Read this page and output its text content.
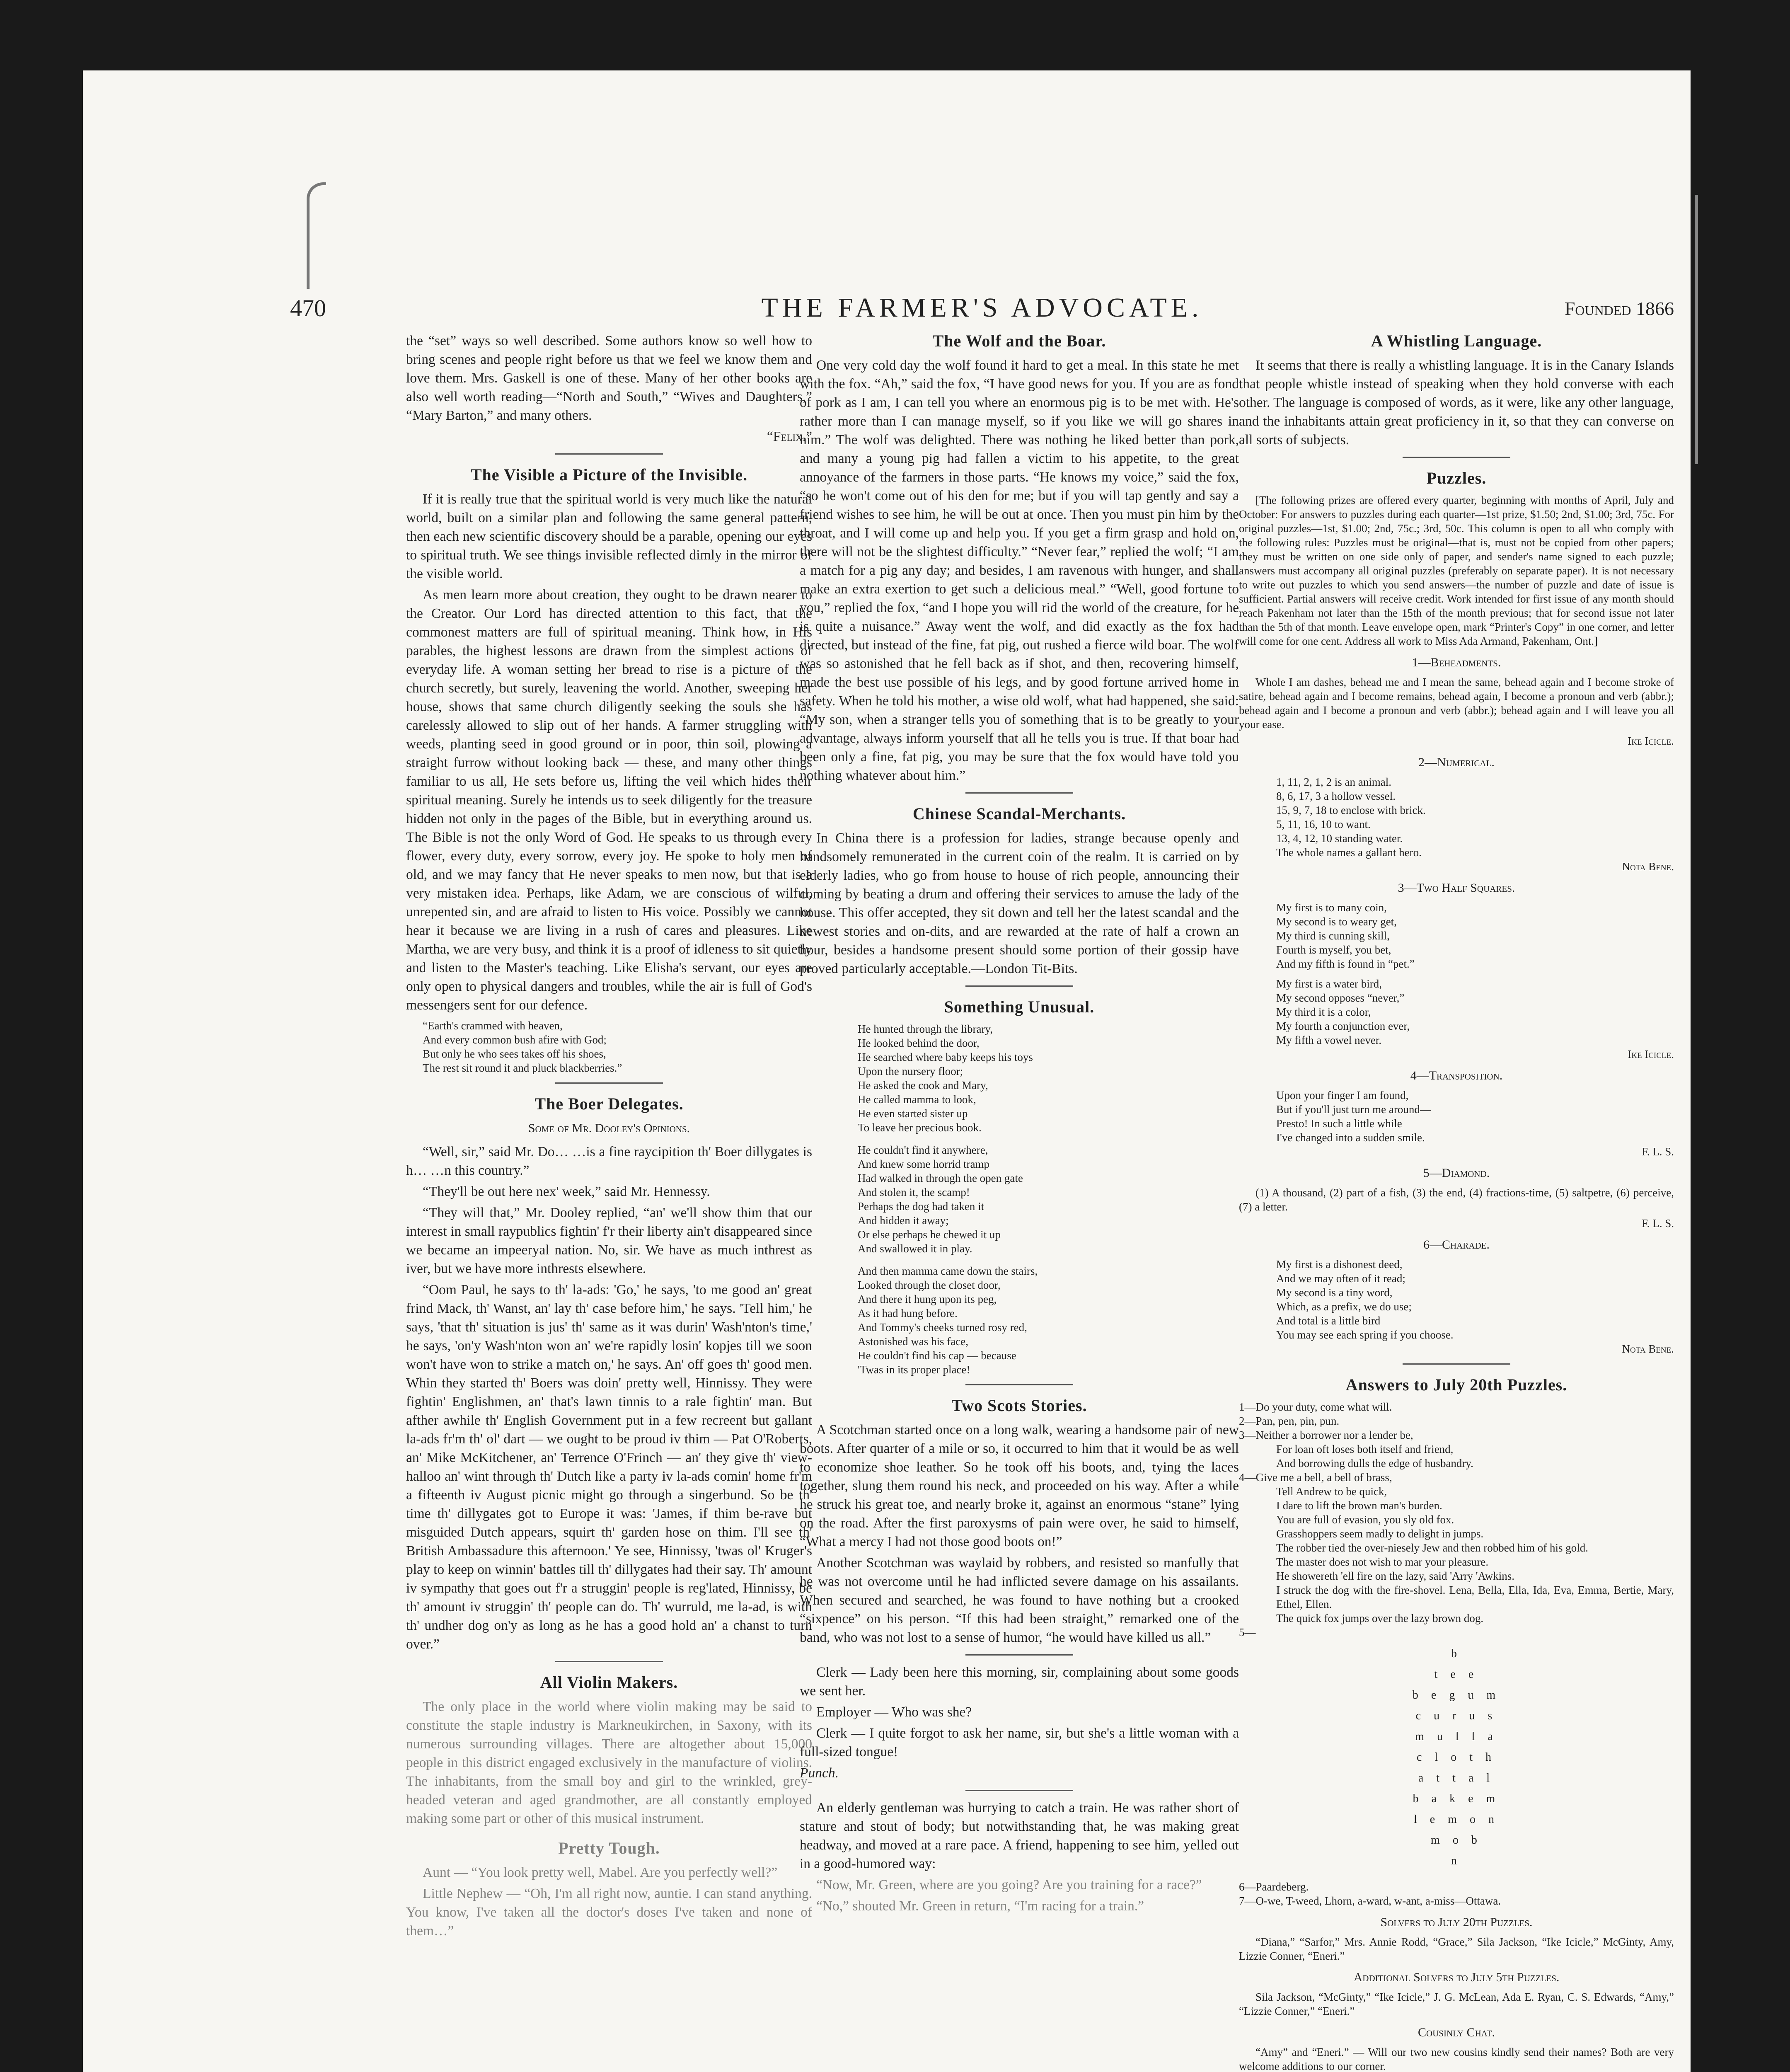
470	THE FARMER'S ADVOCATE.	Founded 1866

the “set” ways so well described. Some authors know so well how to bring scenes and people right before us that we feel we know them and love them. Mrs. Gaskell is one of these. Many of her other books are also well worth reading—“North and South,” “Wives and Daughters,” “Mary Barton,” and many others.

“Felix.”
The Visible a Picture of the Invisible.

If it is really true that the spiritual world is very much like the natural world, built on a similar plan and following the same general pattern, then each new scientific discovery should be a parable, opening our eyes to spiritual truth. We see things invisible reflected dimly in the mirror of the visible world.

As men learn more about creation, they ought to be drawn nearer to the Creator. Our Lord has directed attention to this fact, that the commonest matters are full of spiritual meaning. Think how, in His parables, the highest lessons are drawn from the simplest actions of everyday life. A woman setting her bread to rise is a picture of the church secretly, but surely, leavening the world. Another, sweeping her house, shows that same church diligently seeking the souls she has carelessly allowed to slip out of her hands. A farmer struggling with weeds, planting seed in good ground or in poor, thin soil, plowing a straight furrow without looking back — these, and many other things familiar to us all, He sets before us, lifting the veil which hides their spiritual meaning. Surely he intends us to seek diligently for the treasure hidden not only in the pages of the Bible, but in everything around us. The Bible is not the only Word of God. He speaks to us through every flower, every duty, every sorrow, every joy. He spoke to holy men of old, and we may fancy that He never speaks to men now, but that is a very mistaken idea. Perhaps, like Adam, we are conscious of wilful, unrepented sin, and are afraid to listen to His voice. Possibly we cannot hear it because we are living in a rush of cares and pleasures. Like Martha, we are very busy, and think it is a proof of idleness to sit quietly and listen to the Master's teaching. Like Elisha's servant, our eyes are only open to physical dangers and troubles, while the air is full of God's messengers sent for our defence.

“Earth's crammed with heaven,
And every common bush afire with God;
But only he who sees takes off his shoes,
The rest sit round it and pluck blackberries.”
The Boer Delegates.
Some of Mr. Dooley's Opinions.

“Well, sir,” said Mr. Do… …is a fine raycipition th' Boer dillygates is h… …n this country.”

“They'll be out here nex' week,” said Mr. Hennessy.

“They will that,” Mr. Dooley replied, “an' we'll show thim that our interest in small raypublics fightin' f'r their liberty ain't disappeared since we became an impeeryal nation. No, sir. We have as much inthrest as iver, but we have more inthrests elsewhere.

“Oom Paul, he says to th' la-ads: 'Go,' he says, 'to me good an' great frind Mack, th' Wanst, an' lay th' case before him,' he says. 'Tell him,' he says, 'that th' situation is jus' th' same as it was durin' Wash'nton's time,' he says, 'on'y Wash'nton won an' we're rapidly losin' kopjes till we soon won't have won to strike a match on,' he says. An' off goes th' good men. Whin they started th' Boers was doin' pretty well, Hinnissy. They were fightin' Englishmen, an' that's lawn tinnis to a rale fightin' man. But afther awhile th' English Government put in a few recreent but gallant la-ads fr'm th' ol' dart — we ought to be proud iv thim — Pat O'Roberts, an' Mike McKitchener, an' Terrence O'Frinch — an' they give th' view-halloo an' wint through th' Dutch like a party iv la-ads comin' home fr'm a fifteenth iv August picnic might go through a singerbund. So be th' time th' dillygates got to Europe it was: 'James, if thim be-rave but misguided Dutch appears, squirt th' garden hose on thim. I'll see th' British Ambassadure this afternoon.' Ye see, Hinnissy, 'twas ol' Kruger's play to keep on winnin' battles till th' dillygates had their say. Th' amount iv sympathy that goes out f'r a struggin' people is reg'lated, Hinnissy, be th' amount iv struggin' th' people can do. Th' wurruld, me la-ad, is with th' undher dog on'y as long as he has a good hold an' a chanst to turn over.”

All Violin Makers.

The only place in the world where violin making may be said to constitute the staple industry is Markneukirchen, in Saxony, with its numerous surrounding villages. There are altogether about 15,000 people in this district engaged exclusively in the manufacture of violins. The inhabitants, from the small boy and girl to the wrinkled, grey-headed veteran and aged grandmother, are all constantly employed making some part or other of this musical instrument.

Pretty Tough.

Aunt — “You look pretty well, Mabel. Are you perfectly well?”

Little Nephew — “Oh, I'm all right now, auntie. I can stand anything. You know, I've taken all the doctor's doses I've taken and none of them…”

The Wolf and the Boar.

One very cold day the wolf found it hard to get a meal. In this state he met with the fox. “Ah,” said the fox, “I have good news for you. If you are as fond of pork as I am, I can tell you where an enormous pig is to be met with. He's rather more than I can manage myself, so if you like we will go shares in him.” The wolf was delighted. There was nothing he liked better than pork, and many a young pig had fallen a victim to his appetite, to the great annoyance of the farmers in those parts. “He knows my voice,” said the fox, “so he won't come out of his den for me; but if you will tap gently and say a friend wishes to see him, he will be out at once. Then you must pin him by the throat, and I will come up and help you. If you get a firm grasp and hold on, there will not be the slightest difficulty.” “Never fear,” replied the wolf; “I am a match for a pig any day; and besides, I am ravenous with hunger, and shall make an extra exertion to get such a delicious meal.” “Well, good fortune to you,” replied the fox, “and I hope you will rid the world of the creature, for he is quite a nuisance.” Away went the wolf, and did exactly as the fox had directed, but instead of the fine, fat pig, out rushed a fierce wild boar. The wolf was so astonished that he fell back as if shot, and then, recovering himself, made the best use possible of his legs, and by good fortune arrived home in safety. When he told his mother, a wise old wolf, what had happened, she said: “My son, when a stranger tells you of something that is to be greatly to your advantage, always inform yourself that all he tells you is true. If that boar had been only a fine, fat pig, you may be sure that the fox would have told you nothing whatever about him.”

Chinese Scandal-Merchants.

In China there is a profession for ladies, strange because openly and handsomely remunerated in the current coin of the realm. It is carried on by elderly ladies, who go from house to house of rich people, announcing their coming by beating a drum and offering their services to amuse the lady of the house. This offer accepted, they sit down and tell her the latest scandal and the newest stories and on-dits, and are rewarded at the rate of half a crown an hour, besides a handsome present should some portion of their gossip have proved particularly acceptable.—London Tit-Bits.

Something Unusual.
He hunted through the library,
He looked behind the door,
He searched where baby keeps his toys
Upon the nursery floor;
He asked the cook and Mary,
He called mamma to look,
He even started sister up
To leave her precious book.
He couldn't find it anywhere,
And knew some horrid tramp
Had walked in through the open gate
And stolen it, the scamp!
Perhaps the dog had taken it
And hidden it away;
Or else perhaps he chewed it up
And swallowed it in play.
And then mamma came down the stairs,
Looked through the closet door,
And there it hung upon its peg,
As it had hung before.
And Tommy's cheeks turned rosy red,
Astonished was his face,
He couldn't find his cap — because
'Twas in its proper place!
Two Scots Stories.

A Scotchman started once on a long walk, wearing a handsome pair of new boots. After quarter of a mile or so, it occurred to him that it would be as well to economize shoe leather. So he took off his boots, and, tying the laces together, slung them round his neck, and proceeded on his way. After a while he struck his great toe, and nearly broke it, against an enormous “stane” lying on the road. After the first paroxysms of pain were over, he said to himself, “What a mercy I had not those good boots on!”

Another Scotchman was waylaid by robbers, and resisted so manfully that he was not overcome until he had inflicted severe damage on his assailants. When secured and searched, he was found to have nothing but a crooked “sixpence” on his person. “If this had been straight,” remarked one of the band, who was not lost to a sense of humor, “he would have killed us all.”

Clerk — Lady been here this morning, sir, complaining about some goods we sent her.

Employer — Who was she?

Clerk — I quite forgot to ask her name, sir, but she's a little woman with a full-sized tongue!

Punch.

An elderly gentleman was hurrying to catch a train. He was rather short of stature and stout of body; but notwithstanding that, he was making great headway, and moved at a rare pace. A friend, happening to see him, yelled out in a good-humored way:

“Now, Mr. Green, where are you going? Are you training for a race?”

“No,” shouted Mr. Green in return, “I'm racing for a train.”

A Whistling Language.

It seems that there is really a whistling language. It is in the Canary Islands that people whistle instead of speaking when they hold converse with each other. The language is composed of words, as it were, like any other language, and the inhabitants attain great proficiency in it, so that they can converse on all sorts of subjects.

Puzzles.

[The following prizes are offered every quarter, beginning with months of April, July and October: For answers to puzzles during each quarter—1st prize, $1.50; 2nd, $1.00; 3rd, 75c. For original puzzles—1st, $1.00; 2nd, 75c.; 3rd, 50c. This column is open to all who comply with the following rules: Puzzles must be original—that is, must not be copied from other papers; they must be written on one side only of paper, and sender's name signed to each puzzle; answers must accompany all original puzzles (preferably on separate paper). It is not necessary to write out puzzles to which you send answers—the number of puzzle and date of issue is sufficient. Partial answers will receive credit. Work intended for first issue of any month should reach Pakenham not later than the 15th of the month previous; that for second issue not later than the 5th of that month. Leave envelope open, mark “Printer's Copy” in one corner, and letter will come for one cent. Address all work to Miss Ada Armand, Pakenham, Ont.]

1—Beheadments.

Whole I am dashes, behead me and I mean the same, behead again and I become stroke of satire, behead again and I become remains, behead again, I become a pronoun and verb (abbr.); behead again and I become a pronoun and verb (abbr.); behead again and I will leave you all your ease.

Ike Icicle.
2—Numerical.
1, 11, 2, 1, 2 is an animal.
8, 6, 17, 3 a hollow vessel.
15, 9, 7, 18 to enclose with brick.
5, 11, 16, 10 to want.
13, 4, 12, 10 standing water.
The whole names a gallant hero.
Nota Bene.
3—Two Half Squares.
My first is to many coin,
My second is to weary get,
My third is cunning skill,
Fourth is myself, you bet,
And my fifth is found in “pet.”
My first is a water bird,
My second opposes “never,”
My third it is a color,
My fourth a conjunction ever,
My fifth a vowel never.
Ike Icicle.
4—Transposition.
Upon your finger I am found,
But if you'll just turn me around—
Presto! In such a little while
I've changed into a sudden smile.
F. L. S.
5—Diamond.

(1) A thousand, (2) part of a fish, (3) the end, (4) fractions-time, (5) saltpetre, (6) perceive, (7) a letter.

F. L. S.
6—Charade.
My first is a dishonest deed,
And we may often of it read;
My second is a tiny word,
Which, as a prefix, we do use;
And total is a little bird
You may see each spring if you choose.
Nota Bene.
Answers to July 20th Puzzles.
1—Do your duty, come what will.
2—Pan, pen, pin, pun.
3—Neither a borrower nor a lender be,
For loan oft loses both itself and friend,
And borrowing dulls the edge of husbandry.
4—Give me a bell, a bell of brass,
Tell Andrew to be quick,
I dare to lift the brown man's burden.
You are full of evasion, you sly old fox.
Grasshoppers seem madly to delight in jumps.
The robber tied the over-niesely Jew and then robbed him of his gold.
The master does not wish to mar your pleasure.
He showereth 'ell fire on the lazy, said 'Arry 'Awkins.
I struck the dog with the fire-shovel. Lena, Bella, Ella, Ida, Eva, Emma, Bertie, Mary, Ethel, Ellen.
The quick fox jumps over the lazy brown dog.
5—
b
t e e
b e g u m
c u r u s
m u l l a
c l o t h
a t t a l
b a k e m
l e m o n
m o b
n
6—Paardeberg.
7—O-we, T-weed, Lhorn, a-ward, w-ant, a-miss—Ottawa.
Solvers to July 20th Puzzles.

“Diana,” “Sarfor,” Mrs. Annie Rodd, “Grace,” Sila Jackson, “Ike Icicle,” McGinty, Amy, Lizzie Conner, “Eneri.”

Additional Solvers to July 5th Puzzles.

Sila Jackson, “McGinty,” “Ike Icicle,” J. G. McLean, Ada E. Ryan, C. S. Edwards, “Amy,” “Lizzie Conner,” “Eneri.”

Cousinly Chat.

“Amy” and “Eneri.” — Will our two new cousins kindly send their names? Both are very welcome additions to our corner.
